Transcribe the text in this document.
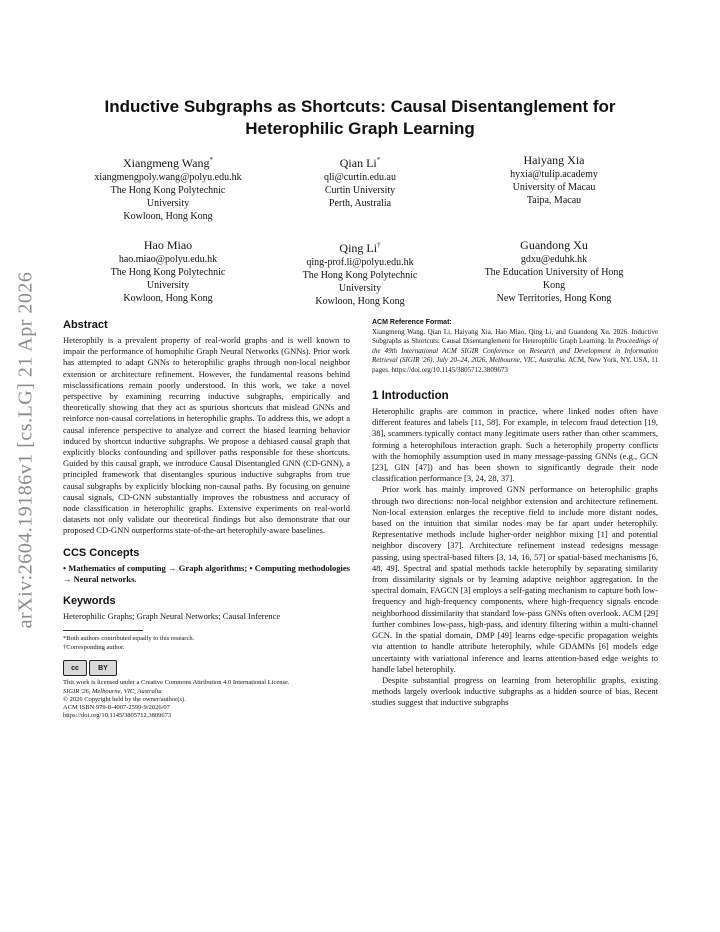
arXiv:2604.19186v1 [cs.LG] 21 Apr 2026
Inductive Subgraphs as Shortcuts: Causal Disentanglement for
Heterophilic Graph Learning
Xiangmeng Wang*
xiangmengpoly.wang@polyu.edu.hk
The Hong Kong Polytechnic
University
Kowloon, Hong Kong
Qian Li*
qli@curtin.edu.au
Curtin University
Perth, Australia
Haiyang Xia
hyxia@tulip.academy
University of Macau
Taipa, Macau
Hao Miao
hao.miao@polyu.edu.hk
The Hong Kong Polytechnic
University
Kowloon, Hong Kong
Qing Li†
qing-prof.li@polyu.edu.hk
The Hong Kong Polytechnic
University
Kowloon, Hong Kong
Guandong Xu
gdxu@eduhk.hk
The Education University of Hong
Kong
New Territories, Hong Kong
Abstract

Heterophily is a prevalent property of real-world graphs and is well known to impair the performance of homophilic Graph Neural Networks (GNNs). Prior work has attempted to adapt GNNs to heterophilic graphs through non-local neighbor extension or architecture refinement. However, the fundamental reasons behind misclassifications remain poorly understood. In this work, we take a novel perspective by examining recurring inductive subgraphs, empirically and theoretically showing that they act as spurious shortcuts that mislead GNNs and reinforce non-causal correlations in heterophilic graphs. To address this, we adopt a causal inference perspective to analyze and correct the biased learning behavior induced by shortcut inductive subgraphs. We propose a debiased causal graph that explicitly blocks confounding and spillover paths responsible for these shortcuts. Guided by this causal graph, we introduce Causal Disentangled GNN (CD-GNN), a principled framework that disentangles spurious inductive subgraphs from true causal subgraphs by explicitly blocking non-causal paths. By focusing on genuine causal signals, CD-GNN substantially improves the robustness and accuracy of node classification in heterophilic graphs. Extensive experiments on real-world datasets not only validate our theoretical findings but also demonstrate that our proposed CD-GNN outperforms state-of-the-art heterophily-aware baselines.

CCS Concepts

• Mathematics of computing → Graph algorithms; • Computing methodologies → Neural networks.

Keywords

Heterophilic Graphs; Graph Neural Networks; Causal Inference

*Both authors contributed equally to this research.

†Corresponding author.

cc	BY
This work is licensed under a Creative Commons Attribution 4.0 International License.
SIGIR '26, Melbourne, VIC, Australia
© 2026 Copyright held by the owner/author(s).
ACM ISBN 979-8-4007-2599-9/2026/07
https://doi.org/10.1145/3805712.3809673
ACM Reference Format:

Xiangmeng Wang, Qian Li, Haiyang Xia, Hao Miao, Qing Li, and Guandong Xu. 2026. Inductive Subgraphs as Shortcuts: Causal Disentanglement for Heterophilic Graph Learning. In Proceedings of the 49th International ACM SIGIR Conference on Research and Development in Information Retrieval (SIGIR '26), July 20–24, 2026, Melbourne, VIC, Australia. ACM, New York, NY, USA, 11 pages. https://doi.org/10.1145/3805712.3809673

1 Introduction

Heterophilic graphs are common in practice, where linked nodes often have different features and labels [11, 58]. For example, in telecom fraud detection [19, 38], scammers typically contact many legitimate users rather than other scammers, forming a heterophilous interaction graph. Such a heterophily property conflicts with the homophily assumption used in many message-passing GNNs (e.g., GCN [23], GIN [47]) and has been shown to significantly degrade their node classification performance [3, 24, 28, 37].

Prior work has mainly improved GNN performance on heterophilic graphs through two directions: non-local neighbor extension and architecture refinement. Non-local extension enlarges the receptive field to include more distant nodes, based on the intuition that similar nodes may be far apart under heterophily. Representative methods include higher-order neighbor mixing [1] and potential neighbor discovery [37]. Architecture refinement instead redesigns message passing, using spectral-based filters [3, 14, 16, 57] or spatial-based mechanisms [6, 48, 49]. Spectral and spatial methods tackle heterophily by separating similarity from dissimilarity signals or by learning adaptive neighbor aggregation. In the spectral domain, FAGCN [3] employs a self-gating mechanism to capture both low-frequency and high-frequency components, where high-frequency signals encode neighborhood dissimilarity that standard low-pass GNNs often overlook. ACM [29] further combines low-pass, high-pass, and identity filtering within a multi-channel GCN. In the spatial domain, DMP [49] learns edge-specific propagation weights via attention to handle attribute heterophily, while GDAMNs [6] models edge uncertainty with variational inference and learns attention-based edge weights to handle label heterophily.

Despite substantial progress on learning from heterophilic graphs, existing methods largely overlook inductive subgraphs as a hidden source of bias. Recent studies suggest that inductive subgraphs
